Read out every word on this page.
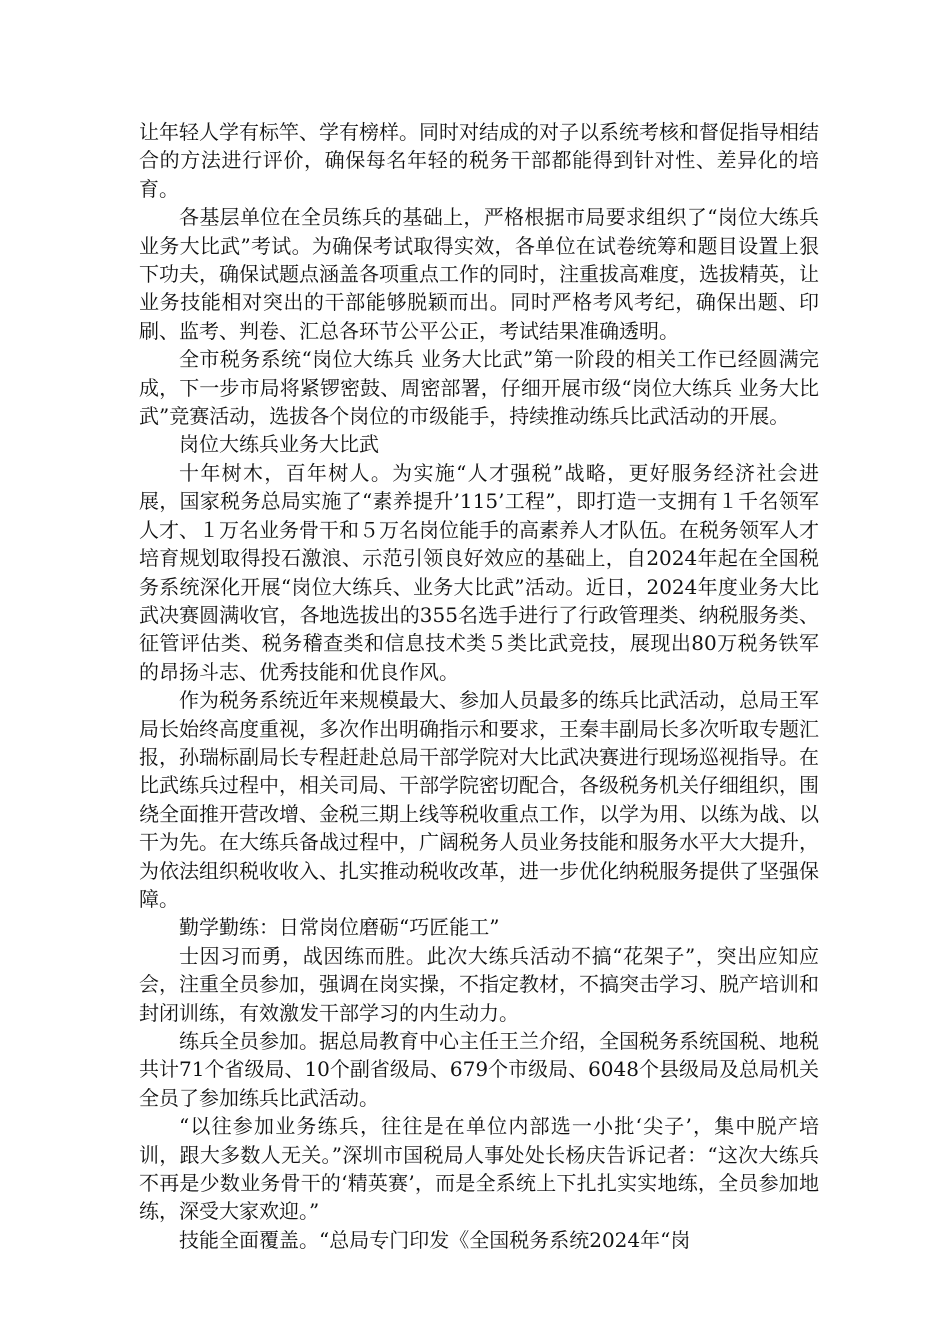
让年轻人学有标竿、学有榜样。同时对结成的对子以系统考核和督促指导相结合的方法进行评价，确保每名年轻的税务干部都能得到针对性、差异化的培育。

各基层单位在全员练兵的基础上，严格根据市局要求组织了“岗位大练兵 业务大比武”考试。为确保考试取得实效，各单位在试卷统筹和题目设置上狠下功夫，确保试题点涵盖各项重点工作的同时，注重拔高难度，选拔精英，让业务技能相对突出的干部能够脱颖而出。同时严格考风考纪，确保出题、印刷、监考、判卷、汇总各环节公平公正，考试结果准确透明。

全市税务系统“岗位大练兵 业务大比武”第一阶段的相关工作已经圆满完成，下一步市局将紧锣密鼓、周密部署，仔细开展市级“岗位大练兵 业务大比武”竞赛活动，选拔各个岗位的市级能手，持续推动练兵比武活动的开展。

岗位大练兵业务大比武

十年树木，百年树人。为实施“人才强税”战略，更好服务经济社会进展，国家税务总局实施了“素养提升’115’工程”，即打造一支拥有１千名领军人才、１万名业务骨干和５万名岗位能手的高素养人才队伍。在税务领军人才培育规划取得投石激浪、示范引领良好效应的基础上，自2024年起在全国税务系统深化开展“岗位大练兵、业务大比武”活动。近日，2024年度业务大比武决赛圆满收官，各地选拔出的355名选手进行了行政管理类、纳税服务类、征管评估类、税务稽查类和信息技术类５类比武竞技，展现出80万税务铁军的昂扬斗志、优秀技能和优良作风。

作为税务系统近年来规模最大、参加人员最多的练兵比武活动，总局王军局长始终高度重视，多次作出明确指示和要求，王秦丰副局长多次听取专题汇报，孙瑞标副局长专程赶赴总局干部学院对大比武决赛进行现场巡视指导。在比武练兵过程中，相关司局、干部学院密切配合，各级税务机关仔细组织，围绕全面推开营改增、金税三期上线等税收重点工作，以学为用、以练为战、以干为先。在大练兵备战过程中，广阔税务人员业务技能和服务水平大大提升，为依法组织税收收入、扎实推动税收改革，进一步优化纳税服务提供了坚强保障。

勤学勤练：日常岗位磨砺“巧匠能工”

士因习而勇，战因练而胜。此次大练兵活动不搞“花架子”，突出应知应会，注重全员参加，强调在岗实操，不指定教材，不搞突击学习、脱产培训和封闭训练，有效激发干部学习的内生动力。

练兵全员参加。据总局教育中心主任王兰介绍，全国税务系统国税、地税共计71个省级局、10个副省级局、679个市级局、6048个县级局及总局机关全员了参加练兵比武活动。

“以往参加业务练兵，往往是在单位内部选一小批‘尖子’，集中脱产培训，跟大多数人无关。”深圳市国税局人事处处长杨庆告诉记者：“这次大练兵不再是少数业务骨干的‘精英赛’，而是全系统上下扎扎实实地练，全员参加地练，深受大家欢迎。”

技能全面覆盖。“总局专门印发《全国税务系统2024年“岗
